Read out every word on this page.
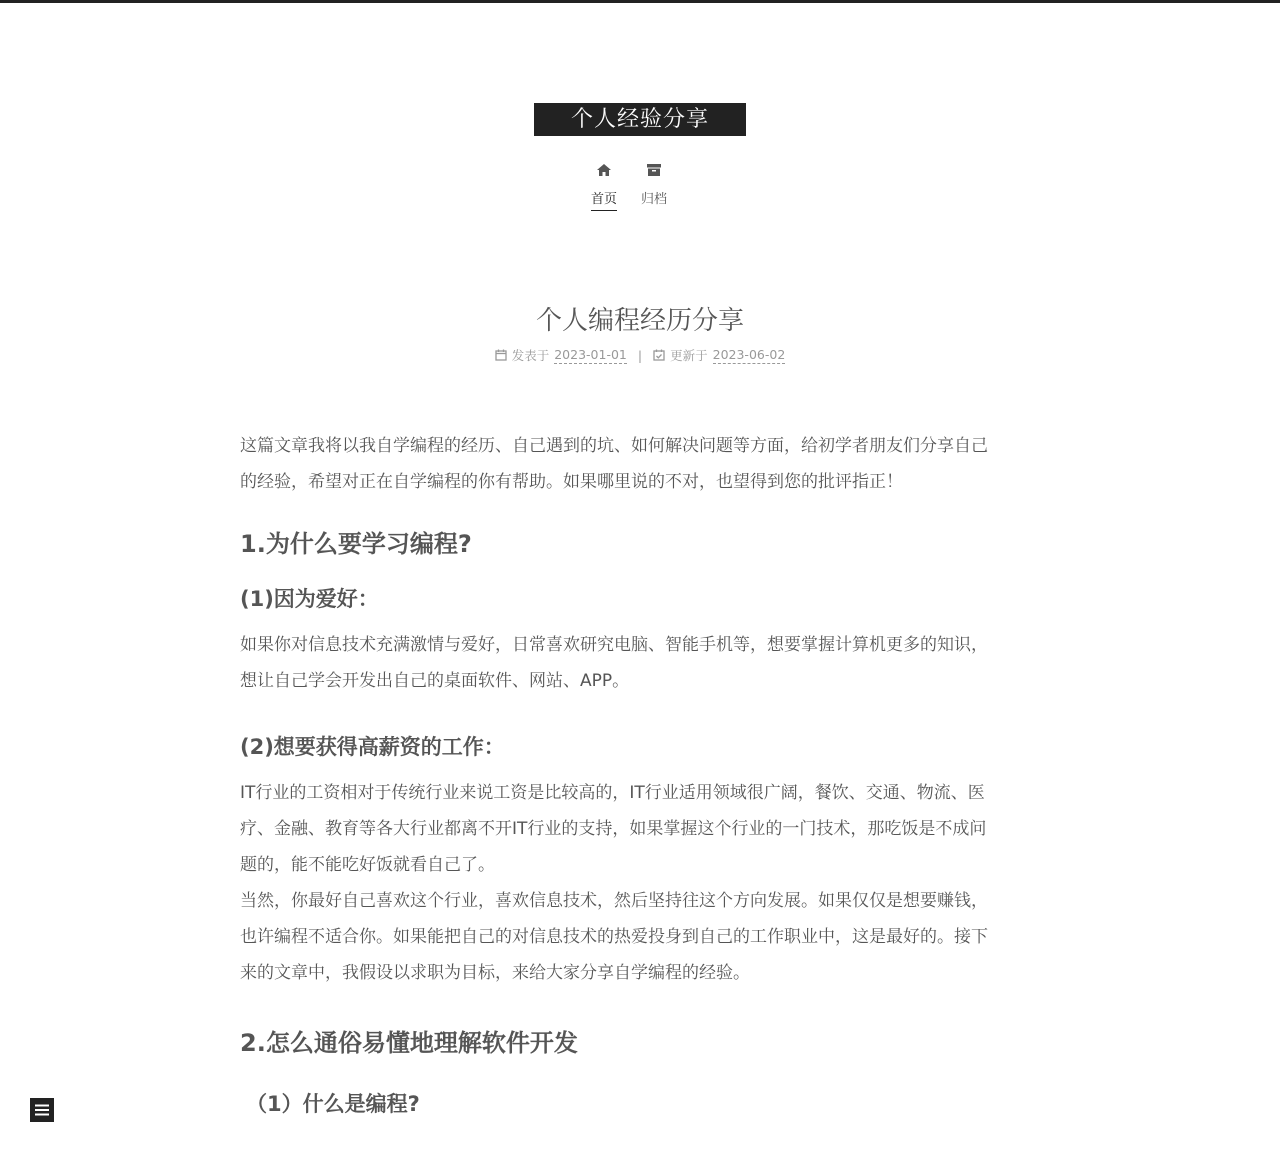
个人经验分享
首页 归档
个人编程经历分享
发表于 2023-01-01 | 更新于 2023-06-02

这篇文章我将以我自学编程的经历、自己遇到的坑、如何解决问题等方面，给初学者朋友们分享自己
的经验，希望对正在自学编程的你有帮助。如果哪里说的不对，也望得到您的批评指正！

1.为什么要学习编程?
(1)因为爱好：

如果你对信息技术充满激情与爱好，日常喜欢研究电脑、智能手机等，想要掌握计算机更多的知识，
想让自己学会开发出自己的桌面软件、网站、APP。

(2)想要获得高薪资的工作：

IT行业的工资相对于传统行业来说工资是比较高的，IT行业适用领域很广阔，餐饮、交通、物流、医
疗、金融、教育等各大行业都离不开IT行业的支持，如果掌握这个行业的一门技术，那吃饭是不成问
题的，能不能吃好饭就看自己了。
当然，你最好自己喜欢这个行业，喜欢信息技术，然后坚持往这个方向发展。如果仅仅是想要赚钱，
也许编程不适合你。如果能把自己的对信息技术的热爱投身到自己的工作职业中，这是最好的。接下
来的文章中，我假设以求职为目标，来给大家分享自学编程的经验。

2.怎么通俗易懂地理解软件开发
（1）什么是编程?
